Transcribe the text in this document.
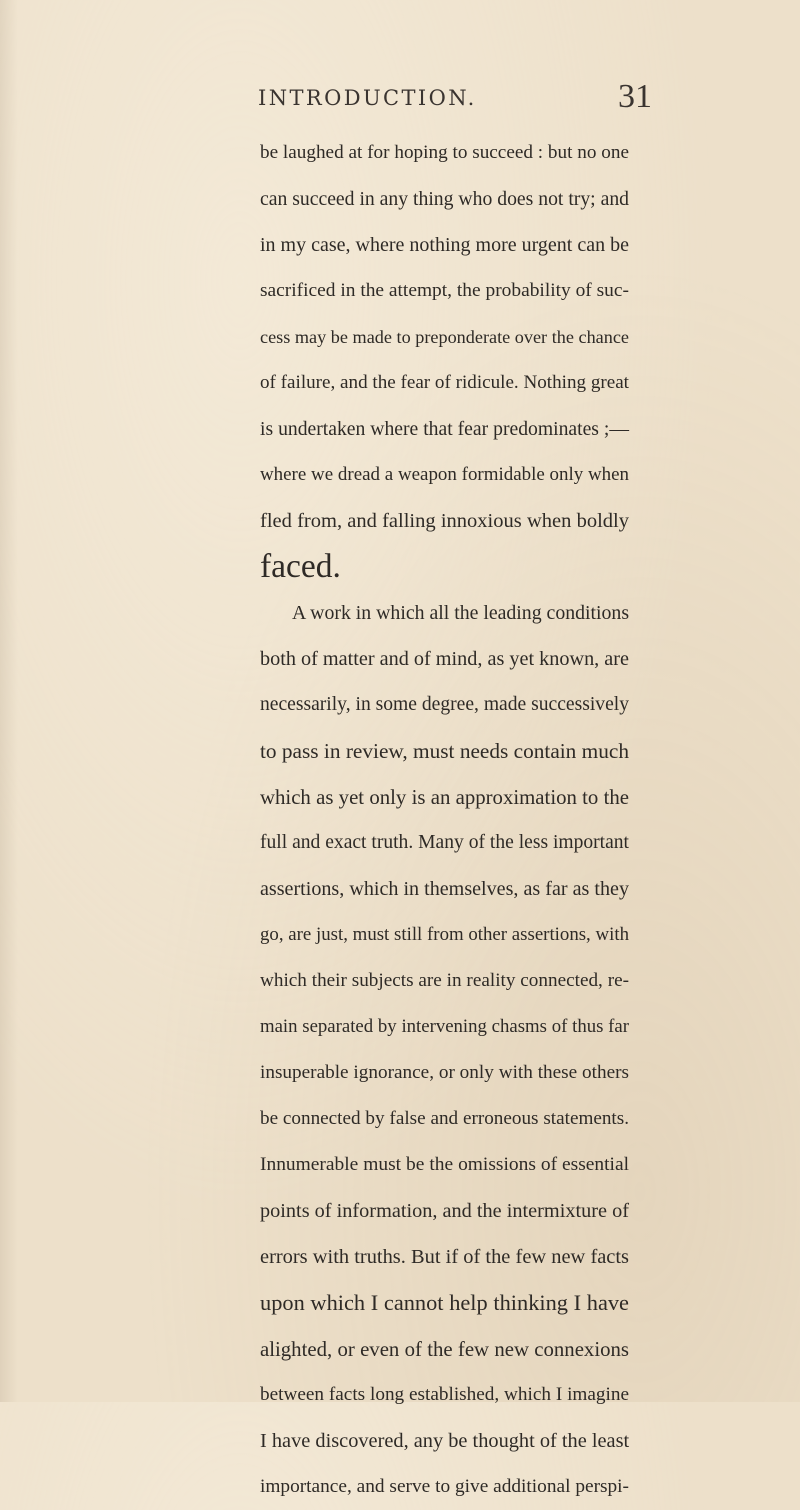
INTRODUCTION.	31
be laughed at for hoping to succeed : but no one
can succeed in any thing who does not try; and
in my case, where nothing more urgent can be
sacrificed in the attempt, the probability of suc-
cess may be made to preponderate over the chance
of failure, and the fear of ridicule. Nothing great
is undertaken where that fear predominates ;—
where we dread a weapon formidable only when
fled from, and falling innoxious when boldly
faced.
A work in which all the leading conditions
both of matter and of mind, as yet known, are
necessarily, in some degree, made successively
to pass in review, must needs contain much
which as yet only is an approximation to the
full and exact truth. Many of the less important
assertions, which in themselves, as far as they
go, are just, must still from other assertions, with
which their subjects are in reality connected, re-
main separated by intervening chasms of thus far
insuperable ignorance, or only with these others
be connected by false and erroneous statements.
Innumerable must be the omissions of essential
points of information, and the intermixture of
errors with truths. But if of the few new facts
upon which I cannot help thinking I have
alighted, or even of the few new connexions
between facts long established, which I imagine
I have discovered, any be thought of the least
importance, and serve to give additional perspi-
